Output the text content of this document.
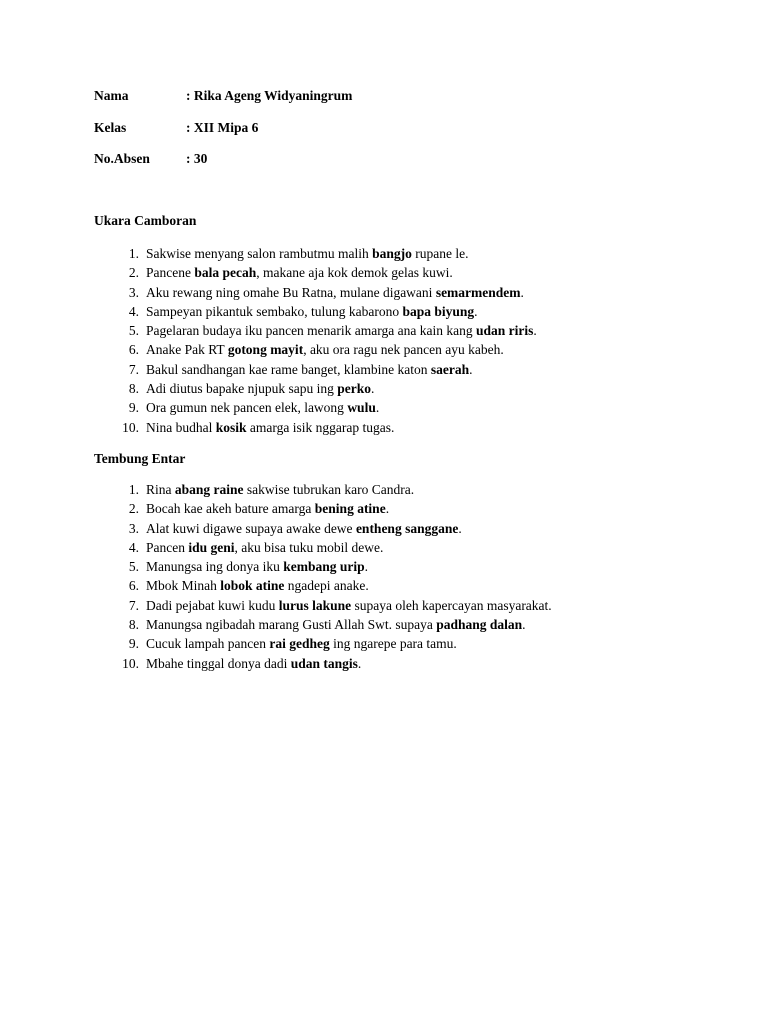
Nama	: Rika Ageng Widyaningrum
Kelas	: XII Mipa 6
No.Absen	: 30
Ukara Camboran
1. Sakwise menyang salon rambutmu malih bangjo rupane le.
2. Pancene bala pecah, makane aja kok demok gelas kuwi.
3. Aku rewang ning omahe Bu Ratna, mulane digawani semarmendem.
4. Sampeyan pikantuk sembako, tulung kabarono bapa biyung.
5. Pagelaran budaya iku pancen menarik amarga ana kain kang udan riris.
6. Anake Pak RT gotong mayit, aku ora ragu nek pancen ayu kabeh.
7. Bakul sandhangan kae rame banget, klambine katon saerah.
8. Adi diutus bapake njupuk sapu ing perko.
9. Ora gumun nek pancen elek, lawong wulu.
10. Nina budhal kosik amarga isik nggarap tugas.
Tembung Entar
1. Rina abang raine sakwise tubrukan karo Candra.
2. Bocah kae akeh bature amarga bening atine.
3. Alat kuwi digawe supaya awake dewe entheng sanggane.
4. Pancen idu geni, aku bisa tuku mobil dewe.
5. Manungsa ing donya iku kembang urip.
6. Mbok Minah lobok atine ngadepi anake.
7. Dadi pejabat kuwi kudu lurus lakune supaya oleh kapercayan masyarakat.
8. Manungsa ngibadah marang Gusti Allah Swt. supaya padhang dalan.
9. Cucuk lampah pancen rai gedheg ing ngarepe para tamu.
10. Mbahe tinggal donya dadi udan tangis.
